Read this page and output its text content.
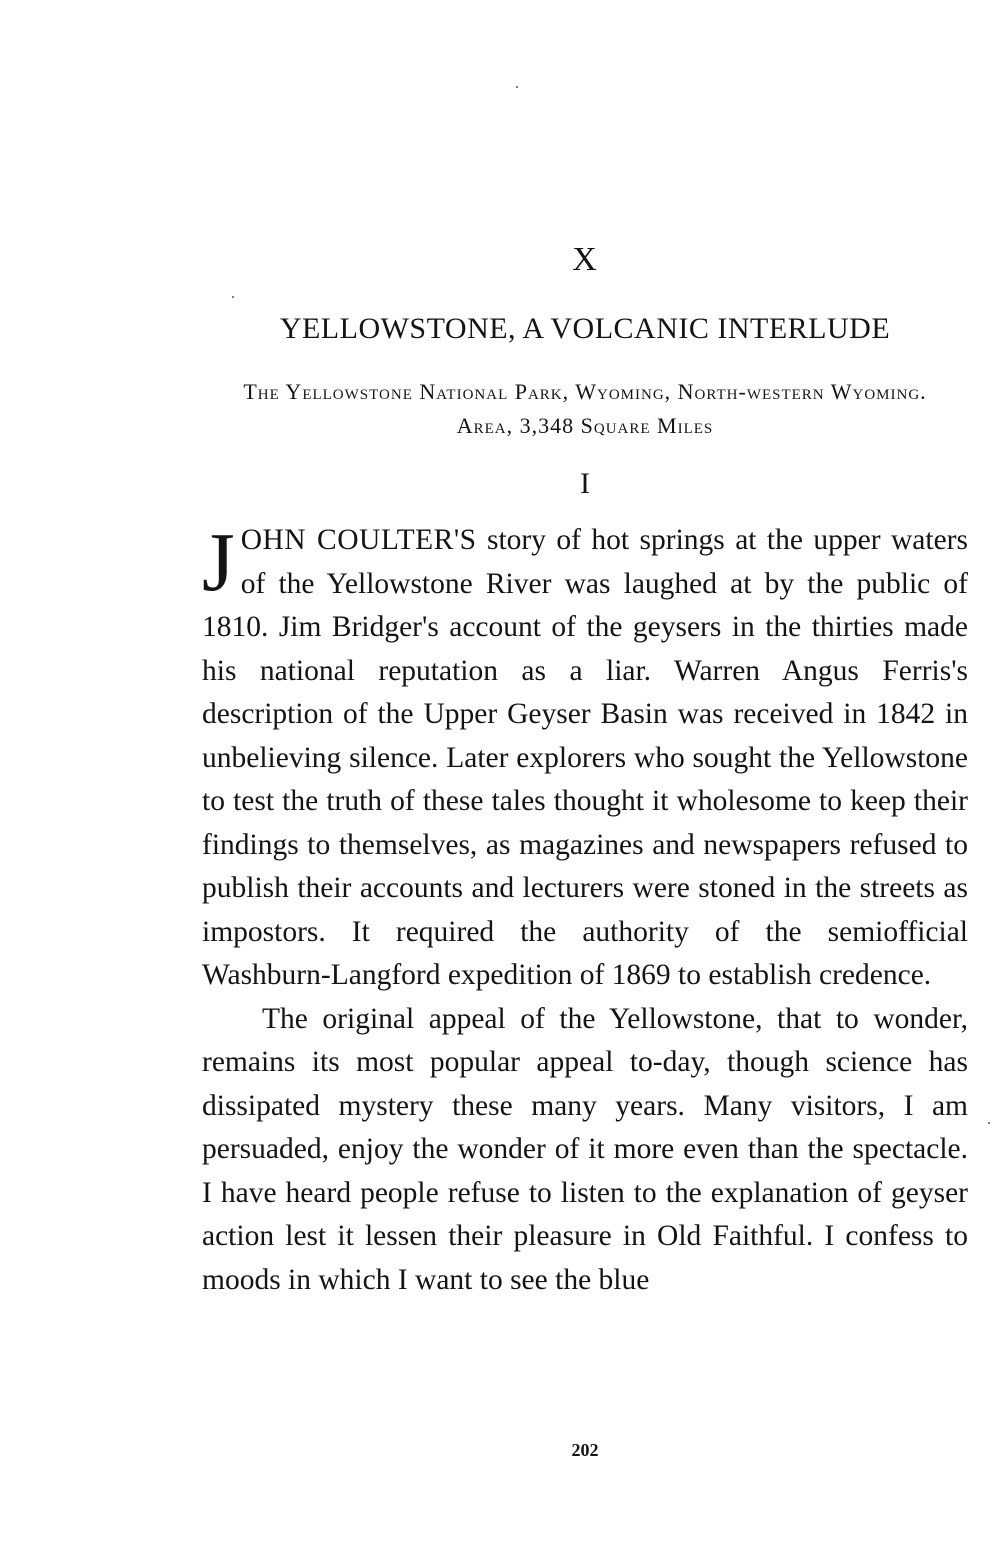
X
YELLOWSTONE, A VOLCANIC INTERLUDE
The Yellowstone National Park, Wyoming, North-western Wyoming. Area, 3,348 Square Miles
I

JOHN COULTER'S story of hot springs at the upper waters of the Yellowstone River was laughed at by the public of 1810. Jim Bridger's account of the geysers in the thirties made his national reputation as a liar. Warren Angus Ferris's description of the Upper Geyser Basin was received in 1842 in unbelieving silence. Later explorers who sought the Yellowstone to test the truth of these tales thought it wholesome to keep their findings to themselves, as magazines and newspapers refused to publish their accounts and lecturers were stoned in the streets as impostors. It required the authority of the semiofficial Washburn-Langford expedition of 1869 to establish credence.

The original appeal of the Yellowstone, that to wonder, remains its most popular appeal to-day, though science has dissipated mystery these many years. Many visitors, I am persuaded, enjoy the wonder of it more even than the spectacle. I have heard people refuse to listen to the explanation of geyser action lest it lessen their pleasure in Old Faithful. I confess to moods in which I want to see the blue

202
